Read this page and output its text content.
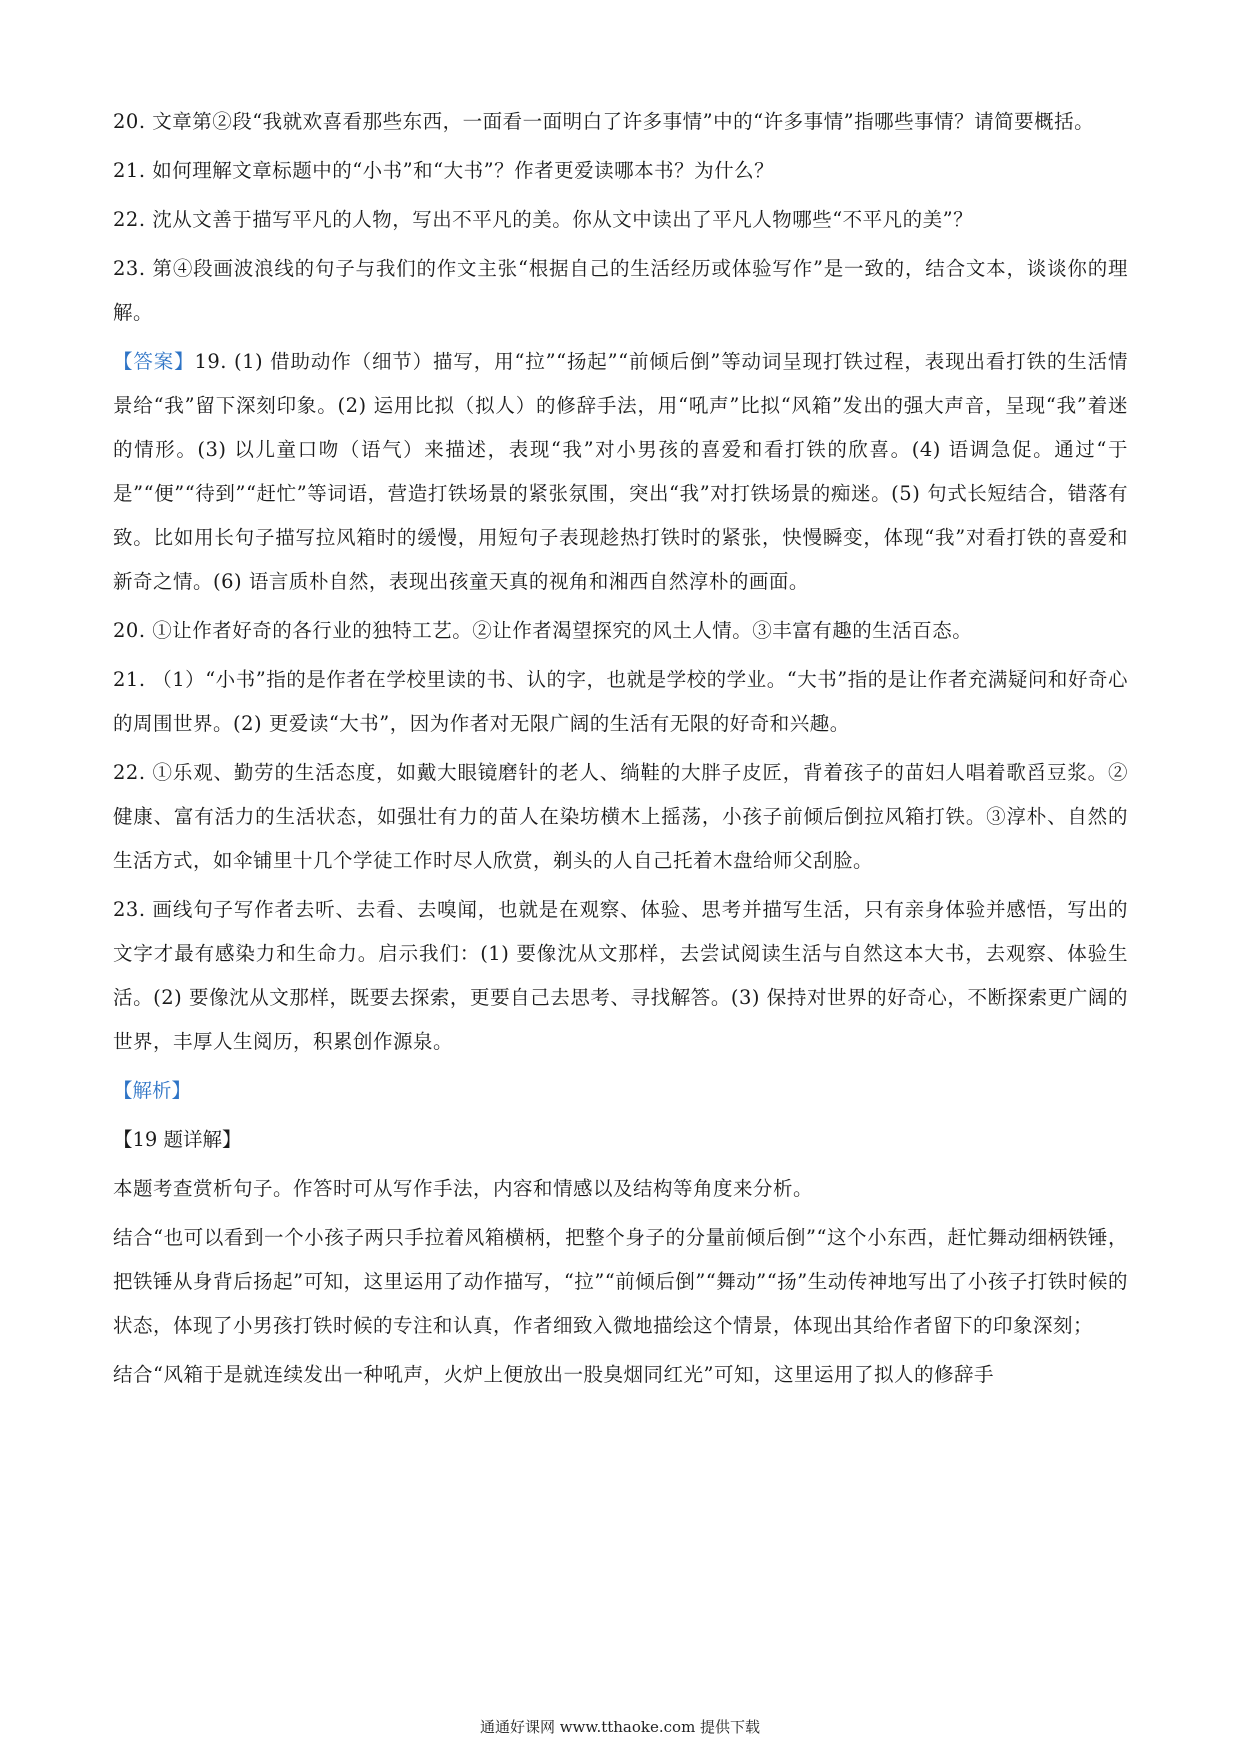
20. 文章第②段“我就欢喜看那些东西，一面看一面明白了许多事情”中的“许多事情”指哪些事情？请简要概括。

21. 如何理解文章标题中的“小书”和“大书”？作者更爱读哪本书？为什么？

22. 沈从文善于描写平凡的人物，写出不平凡的美。你从文中读出了平凡人物哪些“不平凡的美”？

23. 第④段画波浪线的句子与我们的作文主张“根据自己的生活经历或体验写作”是一致的，结合文本，谈谈你的理解。

【答案】19. (1) 借助动作（细节）描写，用“拉”“扬起”“前倾后倒”等动词呈现打铁过程，表现出看打铁的生活情景给“我”留下深刻印象。(2) 运用比拟（拟人）的修辞手法，用“吼声”比拟“风箱”发出的强大声音，呈现“我”着迷的情形。(3) 以儿童口吻（语气）来描述，表现“我”对小男孩的喜爱和看打铁的欣喜。(4) 语调急促。通过“于是”“便”“待到”“赶忙”等词语，营造打铁场景的紧张氛围，突出“我”对打铁场景的痴迷。(5) 句式长短结合，错落有致。比如用长句子描写拉风箱时的缓慢，用短句子表现趁热打铁时的紧张，快慢瞬变，体现“我”对看打铁的喜爱和新奇之情。(6) 语言质朴自然，表现出孩童天真的视角和湘西自然淳朴的画面。

20. ①让作者好奇的各行业的独特工艺。②让作者渴望探究的风土人情。③丰富有趣的生活百态。

21. （1）“小书”指的是作者在学校里读的书、认的字，也就是学校的学业。“大书”指的是让作者充满疑问和好奇心的周围世界。(2) 更爱读“大书”，因为作者对无限广阔的生活有无限的好奇和兴趣。

22. ①乐观、勤劳的生活态度，如戴大眼镜磨针的老人、绱鞋的大胖子皮匠，背着孩子的苗妇人唱着歌舀豆浆。②健康、富有活力的生活状态，如强壮有力的苗人在染坊横木上摇荡，小孩子前倾后倒拉风箱打铁。③淳朴、自然的生活方式，如伞铺里十几个学徒工作时尽人欣赏，剃头的人自己托着木盘给师父刮脸。

23. 画线句子写作者去听、去看、去嗅闻，也就是在观察、体验、思考并描写生活，只有亲身体验并感悟，写出的文字才最有感染力和生命力。启示我们：(1) 要像沈从文那样，去尝试阅读生活与自然这本大书，去观察、体验生活。(2) 要像沈从文那样，既要去探索，更要自己去思考、寻找解答。(3) 保持对世界的好奇心，不断探索更广阔的世界，丰厚人生阅历，积累创作源泉。

【解析】

【19 题详解】

本题考查赏析句子。作答时可从写作手法，内容和情感以及结构等角度来分析。

结合“也可以看到一个小孩子两只手拉着风箱横柄，把整个身子的分量前倾后倒”“这个小东西，赶忙舞动细柄铁锤，把铁锤从身背后扬起”可知，这里运用了动作描写，“拉”“前倾后倒”“舞动”“扬”生动传神地写出了小孩子打铁时候的状态，体现了小男孩打铁时候的专注和认真，作者细致入微地描绘这个情景，体现出其给作者留下的印象深刻；

结合“风箱于是就连续发出一种吼声，火炉上便放出一股臭烟同红光”可知，这里运用了拟人的修辞手

通通好课网 www.tthaoke.com 提供下载
